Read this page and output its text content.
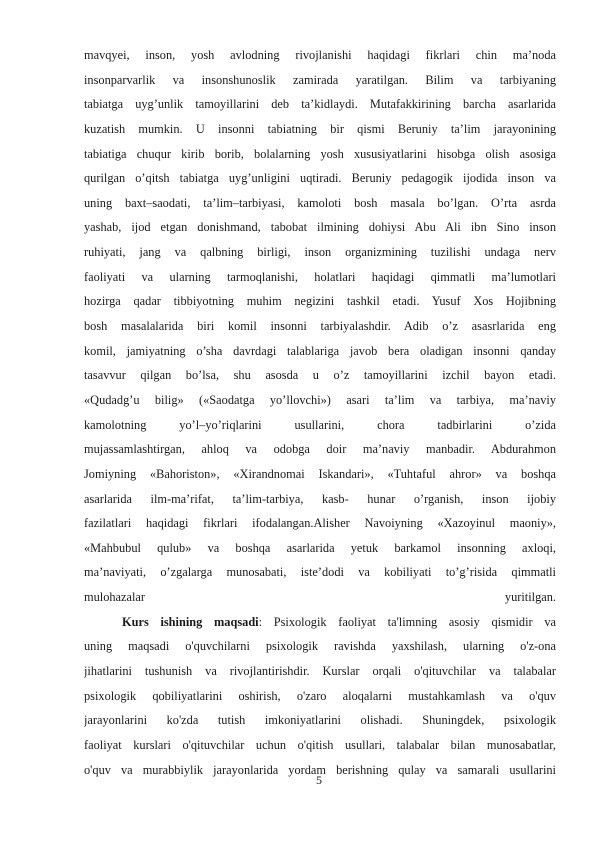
mavqyei, inson, yosh avlodning rivojlanishi haqidagi fikrlari chin ma’noda
insonparvarlik va insonshunoslik zamirada yaratilgan. Bilim va tarbiyaning
tabiatga uyg’unlik tamoyillarini deb ta’kidlaydi. Mutafakkirining barcha asarlarida
kuzatish mumkin. U insonni tabiatning bir qismi Beruniy ta’lim jarayonining
tabiatiga chuqur kirib borib, bolalarning yosh xususiyatlarini hisobga olish asosiga
qurilgan o’qitsh tabiatga uyg’unligini uqtiradi. Beruniy pedagogik ijodida inson va
uning baxt–saodati, ta’lim–tarbiyasi, kamoloti bosh masala bo’lgan. O’rta asrda
yashab, ijod etgan donishmand, tabobat ilmining dohiysi Abu Ali ibn Sino inson
ruhiyati, jang va qalbning birligi, inson organizmining tuzilishi undaga nerv
faoliyati va ularning tarmoqlanishi, holatlari haqidagi qimmatli ma’lumotlari
hozirga qadar tibbiyotning muhim negizini tashkil etadi. Yusuf Xos Hojibning
bosh masalalarida biri komil insonni tarbiyalashdir. Adib o’z asasrlarida eng
komil, jamiyatning o’sha davrdagi talablariga javob bera oladigan insonni qanday
tasavvur qilgan bo’lsa, shu asosda u o’z tamoyillarini izchil bayon etadi.
«Qudadg’u bilig» («Saodatga yo’llovchi») asari ta’lim va tarbiya, ma’naviy
kamolotning yo’l–yo’riqlarini usullarini, chora tadbirlarini o’zida
mujassamlashtirgan, ahloq va odobga doir ma’naviy manbadir. Abdurahmon
Jomiyning «Bahoriston», «Xirandnomai Iskandari», «Tuhtaful ahror» va boshqa
asarlarida ilm-ma’rifat, ta’lim-tarbiya, kasb- hunar o’rganish, inson ijobiy
fazilatlari haqidagi fikrlari ifodalangan.Alisher Navoiyning «Xazoyinul maoniy»,
«Mahbubul qulub» va boshqa asarlarida yetuk barkamol insonning axloqi,
ma’naviyati, o’zgalarga munosabati, iste’dodi va kobiliyati to’g’risida qimmatli
mulohazalar yuritilgan.
Kurs ishining maqsadi: Psixologik faoliyat ta'limning asosiy qismidir va
uning maqsadi o'quvchilarni psixologik ravishda yaxshilash, ularning o'z-ona
jihatlarini tushunish va rivojlantirishdir. Kurslar orqali o'qituvchilar va talabalar
psixologik qobiliyatlarini oshirish, o'zaro aloqalarni mustahkamlash va o'quv
jarayonlarini ko'zda tutish imkoniyatlarini olishadi. Shuningdek, psixologik
faoliyat kurslari o'qituvchilar uchun o'qitish usullari, talabalar bilan munosabatlar,
o'quv va murabbiylik jarayonlarida yordam berishning qulay va samarali usullarini
5
